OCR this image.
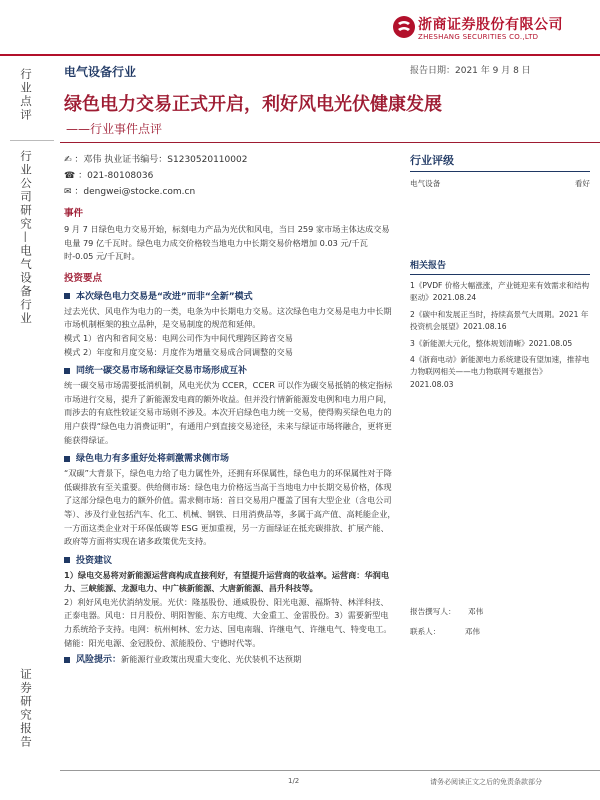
浙商证券股份有限公司
ZHESHANG SECURITIES CO.,LTD
行业点评
行业公司研究—电气设备行业
证券研究报告
电气设备行业	报告日期：2021 年 9 月 8 日
绿色电力交易正式开启，利好风电光伏健康发展
——行业事件点评
✍ ：邓伟 执业证书编号：S1230520110002
☎ ：021-80108036
✉ ：dengwei@stocke.com.cn
事件
9 月 7 日绿色电力交易开始，标刻电力产品为光伏和风电，当日 259 家市场主体达成交易电量 79 亿千瓦时。绿色电力成交价格较当地电力中长期交易价格增加 0.03 元/千瓦时-0.05 元/千瓦时。
投资要点
本次绿色电力交易是“改进”而非“全新”模式
过去光伏、风电作为电力的一类，电条为中长期电力交易。这次绿色电力交易是电力中长期市场机制框架的独立品种，是交易制度的规范和延伸。
模式 1）省内和省间交易：电网公司作为中间代理跨区跨省交易
模式 2）年度和月度交易：月度作为增量交易成合同调整的交易
同统一碳交易市场和绿证交易市场形成互补
统一碳交易市场需要抵消机制，风电光伏为 CCER，CCER 可以作为碳交易抵销的核定指标市场进行交易，提升了新能源发电商的额外收益。但并没行情新能源发电例和电力用户间，而涉去的有底性较证交易市场则不涉及。本次开启绿色电力统一交易，使得购买绿色电力的用户获得“绿色电力消费证明”，有通用户到直接交易途径，未来与绿证市场将融合，更将更能获得绿证。
绿色电力有多重好处将刺激需求侧市场
“双碳”大背景下，绿色电力给了电力属性外，还拥有环保属性，绿色电力的环保属性对于降低碳排放有至关重要。供给侧市场：绿色电力价格远当高于当地电力中长期交易价格，体现了这部分绿色电力的额外价值。需求侧市场：首日交易用户覆盖了国有大型企业（含电公司等）、涉及行业包括汽车、化工、机械、钢铁、日用消费品等，多属于高产值、高耗能企业，一方面这类企业对于环保低碳等 ESG 更加重视，另一方面绿证在抵充碳排放、扩展产能、政府等方面将实现在诸多政策优先支持。
投资建议
1）绿电交易将对新能源运营商构成直接利好，有望提升运营商的收益率。运营商：华润电力、三峡能源、龙源电力、中广核新能源、大唐新能源、昌升科技等。
2）利好风电光伏消纳发展。光伏：隆基股份、通威股份、阳光电源、福斯特、林洋科技、正泰电器。风电：日月股份、明阳智能、东方电缆、大金重工、金雷股份。3）需要新型电力系统给予支持。电网：杭州柯林、宏力达、国电南瑞、许继电气、许继电气、特变电工。储能：阳光电源、金冠股份、派能股份、宁德时代等。
风险提示：新能源行业政策出现重大变化、光伏装机不达预期
行业评级
电气设备	看好
相关报告
1《PVDF 价格大幅涨涨，产业链迎来有效需求和结构驱动》2021.08.24
2《碳中和发展正当时，持续高景气大周期。2021 年投资机会展望》2021.08.16
3《新能源大元化，整体规划清晰》2021.08.05
4《浙商电动》新能源电力系统建设有望加速，推荐电力物联网相关——电力物联网专题报告》2021.08.03
报告撰写人： 邓伟
联系人：	邓伟
1/2	请务必阅读正文之后的免责条款部分
